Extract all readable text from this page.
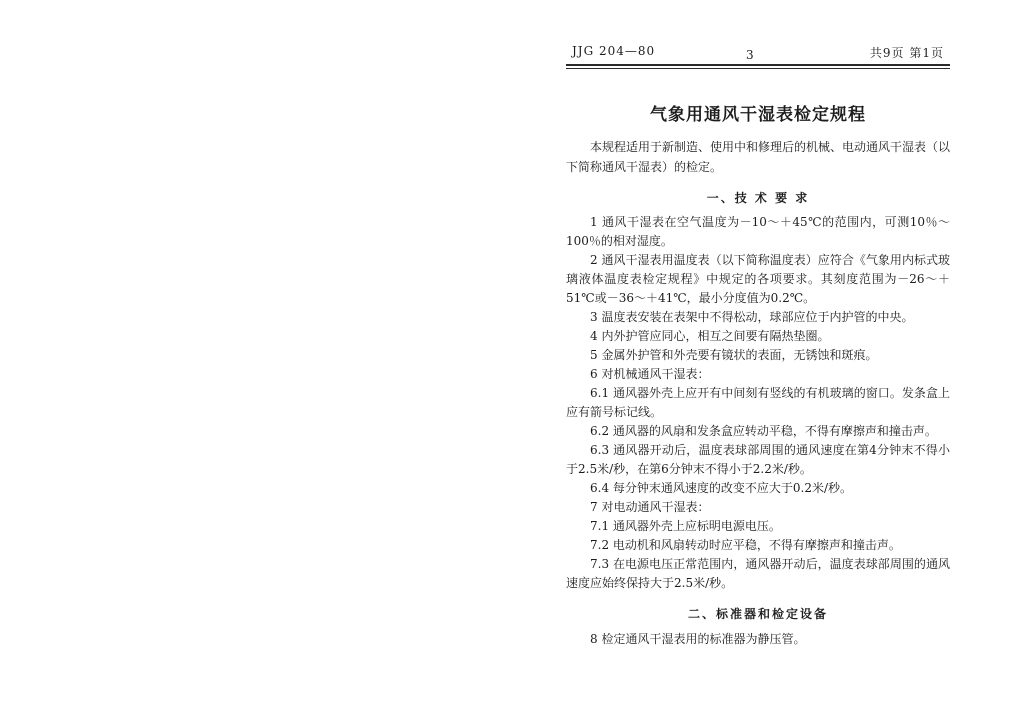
JJG 204—80	3	共9页 第1页
气象用通风干湿表检定规程

本规程适用于新制造、使用中和修理后的机械、电动通风干湿表（以下简称通风干湿表）的检定。

一、技 术 要 求

1 通风干湿表在空气温度为－10～＋45℃的范围内，可测10％～100％的相对湿度。

2 通风干湿表用温度表（以下简称温度表）应符合《气象用内标式玻璃液体温度表检定规程》中规定的各项要求。其刻度范围为－26～＋51℃或－36～＋41℃，最小分度值为0.2℃。

3 温度表安装在表架中不得松动，球部应位于内护管的中央。

4 内外护管应同心，相互之间要有隔热垫圈。

5 金属外护管和外壳要有镜状的表面，无锈蚀和斑痕。

6 对机械通风干湿表：

6.1 通风器外壳上应开有中间刻有竖线的有机玻璃的窗口。发条盒上应有箭号标记线。

6.2 通风器的风扇和发条盒应转动平稳，不得有摩擦声和撞击声。

6.3 通风器开动后，温度表球部周围的通风速度在第4分钟末不得小于2.5米/秒，在第6分钟末不得小于2.2米/秒。

6.4 每分钟末通风速度的改变不应大于0.2米/秒。

7 对电动通风干湿表：

7.1 通风器外壳上应标明电源电压。

7.2 电动机和风扇转动时应平稳，不得有摩擦声和撞击声。

7.3 在电源电压正常范围内，通风器开动后，温度表球部周围的通风速度应始终保持大于2.5米/秒。

二、标准器和检定设备
8 检定通风干湿表用的标准器为静压管。
